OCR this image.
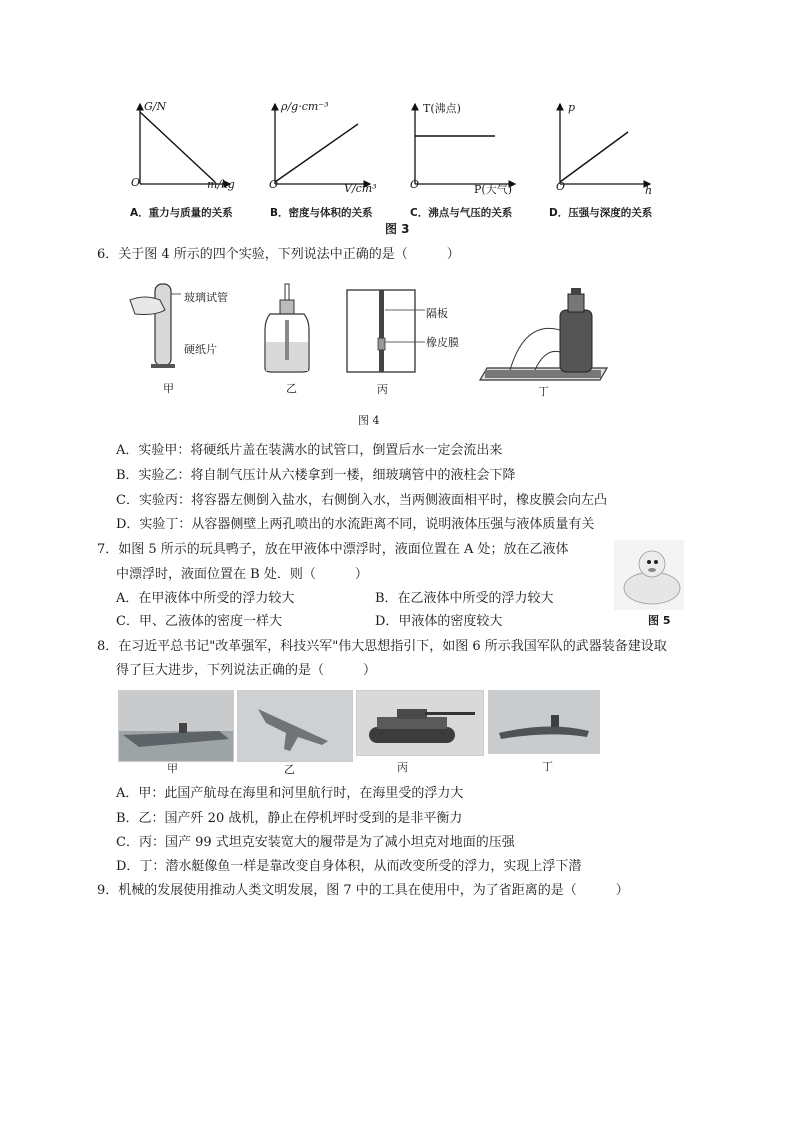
G/N
m/kg
O
ρ/g·cm⁻³
V/cm³
O
T(沸点)
P(大气)
O
p
h
O
A．重力与质量的关系	B．密度与体积的关系	C．沸点与气压的关系	D．压强与深度的关系
图 3
6．关于图 4 所示的四个实验，下列说法中正确的是（　　　）
玻璃试管
硬纸片
隔板
橡皮膜
甲	乙	丙	丁
图 4
A．实验甲：将硬纸片盖在装满水的试管口，倒置后水一定会流出来
B．实验乙：将自制气压计从六楼拿到一楼，细玻璃管中的液柱会下降
C．实验丙：将容器左侧倒入盐水，右侧倒入水，当两侧液面相平时，橡皮膜会向左凸
D．实验丁：从容器侧壁上两孔喷出的水流距离不同，说明液体压强与液体质量有关
7．如图 5 所示的玩具鸭子，放在甲液体中漂浮时，液面位置在 A 处；放在乙液体
中漂浮时，液面位置在 B 处．则（　　　）
A．在甲液体中所受的浮力较大	B．在乙液体中所受的浮力较大
C．甲、乙液体的密度一样大	D．甲液体的密度较大	图 5
8．在习近平总书记"改革强军，科技兴军"伟大思想指引下，如图 6 所示我国军队的武器装备建设取
得了巨大进步，下列说法正确的是（　　　）
甲	乙	丙	丁
A．甲：此国产航母在海里和河里航行时，在海里受的浮力大
B．乙：国产歼 20 战机，静止在停机坪时受到的是非平衡力
C．丙：国产 99 式坦克安装宽大的履带是为了减小坦克对地面的压强
D．丁：潜水艇像鱼一样是靠改变自身体积，从而改变所受的浮力，实现上浮下潜
9．机械的发展使用推动人类文明发展，图 7 中的工具在使用中，为了省距离的是（　　　）
